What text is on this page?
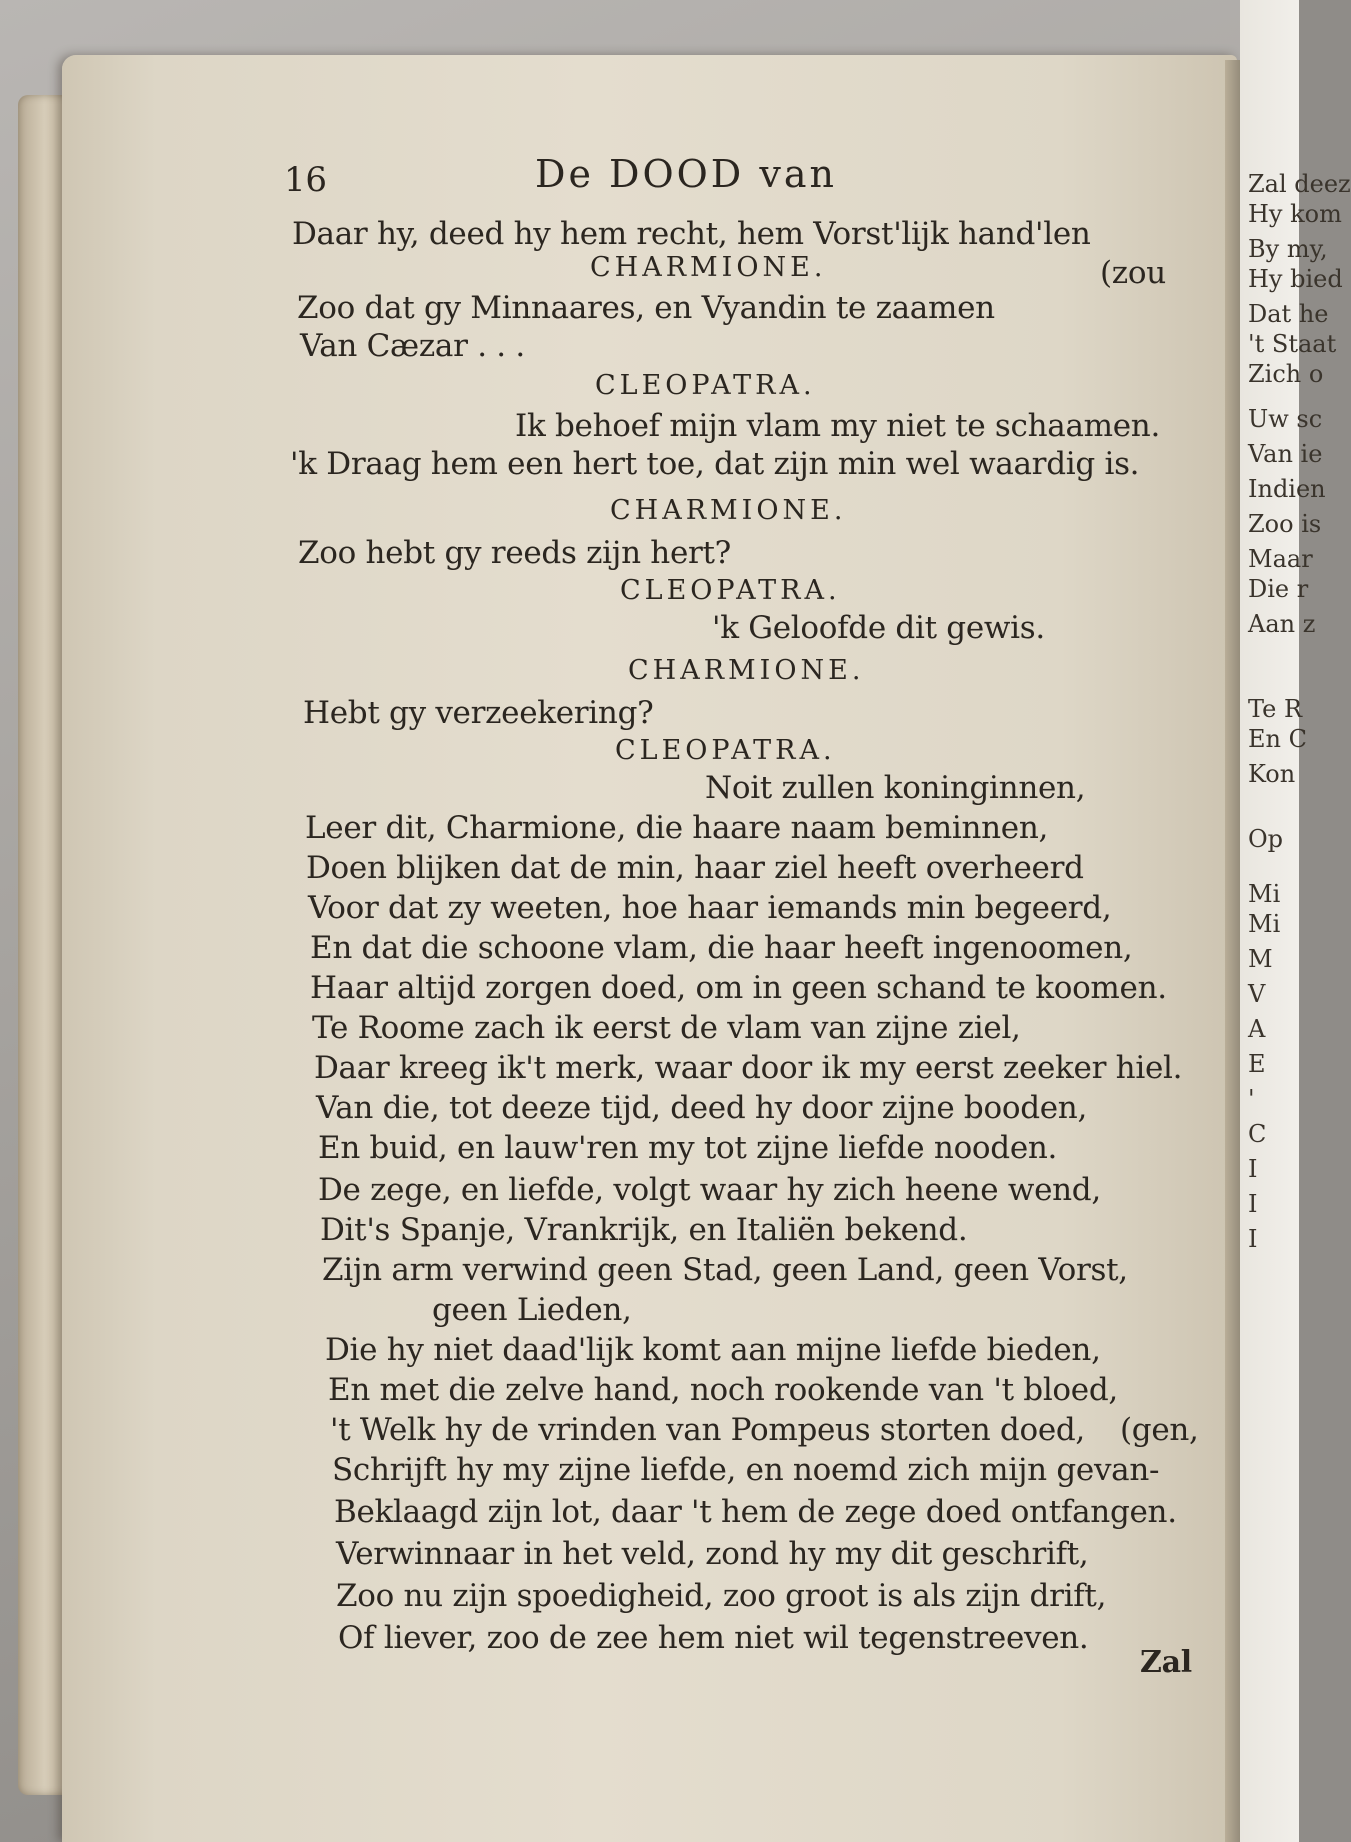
Zal deez
Hy kom
By my,
Hy bied
Dat he
't Staat
Zich o
Uw sc
Van ie
Indien
Zoo is
Maar
Die r
Aan z
Te R
En C
Kon
Op
Mi
Mi
M
V
A
E
'
C
I
I
I
16	De DOOD van
Daar hy, deed hy hem recht, hem Vorst'lijk hand'len
CHARMIONE.	(zou
Zoo dat gy Minnaares, en Vyandin te zaamen
Van Cæzar . . .
CLEOPATRA.
Ik behoef mijn vlam my niet te schaamen.
'k Draag hem een hert toe, dat zijn min wel waardig is.
CHARMIONE.
Zoo hebt gy reeds zijn hert?
CLEOPATRA.
'k Geloofde dit gewis.
CHARMIONE.
Hebt gy verzeekering?
CLEOPATRA.
Noit zullen koninginnen,
Leer dit, Charmione, die haare naam beminnen,
Doen blijken dat de min, haar ziel heeft overheerd
Voor dat zy weeten, hoe haar iemands min begeerd,
En dat die schoone vlam, die haar heeft ingenoomen,
Haar altijd zorgen doed, om in geen schand te koomen.
Te Roome zach ik eerst de vlam van zijne ziel,
Daar kreeg ik't merk, waar door ik my eerst zeeker hiel.
Van die, tot deeze tijd, deed hy door zijne booden,
En buid, en lauw'ren my tot zijne liefde nooden.
De zege, en liefde, volgt waar hy zich heene wend,
Dit's Spanje, Vrankrijk, en Italiën bekend.
Zijn arm verwind geen Stad, geen Land, geen Vorst,
geen Lieden,
Die hy niet daad'lijk komt aan mijne liefde bieden,
En met die zelve hand, noch rookende van 't bloed,
't Welk hy de vrinden van Pompeus storten doed, (gen,
Schrijft hy my zijne liefde, en noemd zich mijn gevan-
Beklaagd zijn lot, daar 't hem de zege doed ontfangen.
Verwinnaar in het veld, zond hy my dit geschrift,
Zoo nu zijn spoedigheid, zoo groot is als zijn drift,
Of liever, zoo de zee hem niet wil tegenstreeven.
Zal
